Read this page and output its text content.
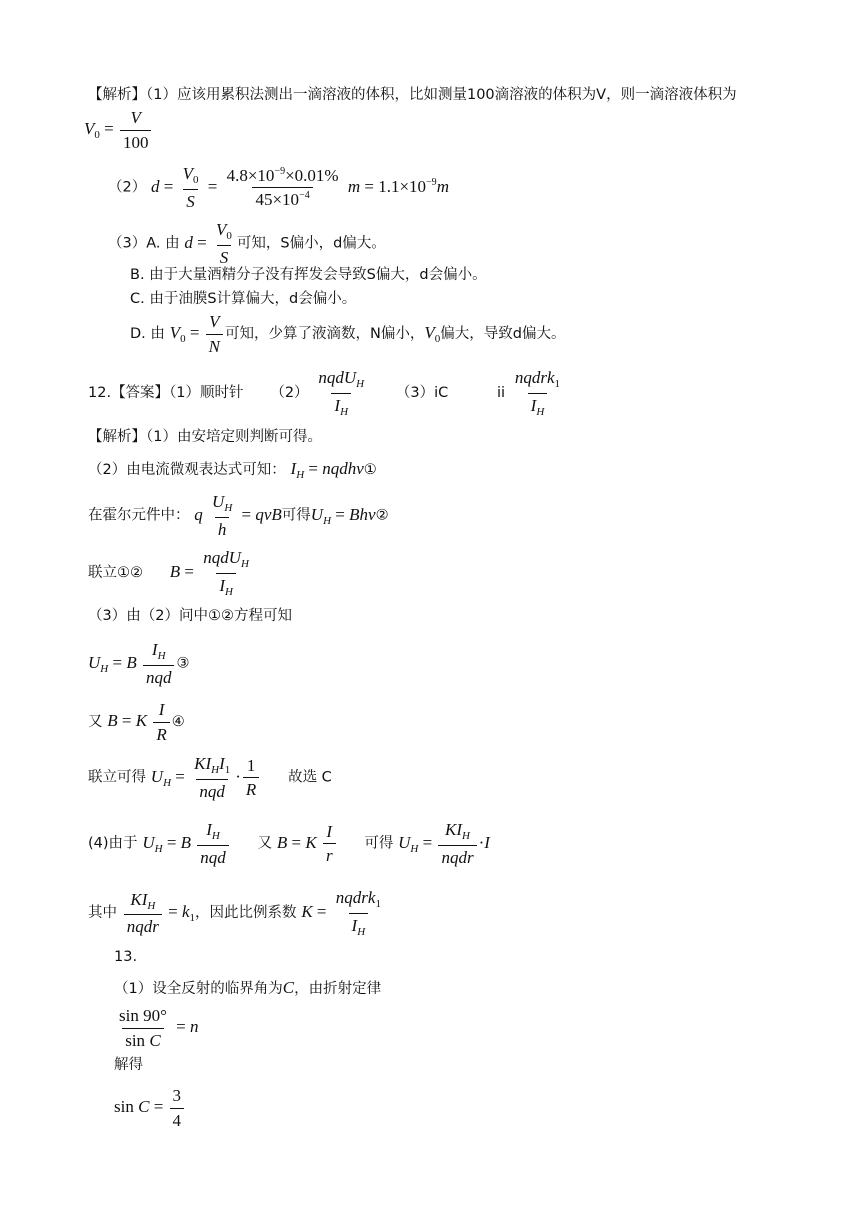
【解析】（1）应该用累积法测出一滴溶液的体积，比如测量100滴溶液的体积为V，则一滴溶液体积为
$V_0 = \frac{V}{100}$
（2） $d = \frac{V_0}{S} = \frac{4.8\times 10^{-9}\times 0.01\%}{45\times 10^{-4}}$ $m = 1.1\times 10^{-9}m$
（3）A. 由 $d = \frac{V_0}{S}$ 可知，S偏小，d偏大。
B. 由于大量酒精分子没有挥发会导致S偏大，d会偏小。
C. 由于油膜S计算偏大，d会偏小。
D. 由 $V_0 = \frac{V}{N}$ 可知，少算了液滴数，N偏小，$V_0$偏大，导致d偏大。
12.【答案】（1）顺时针 $(2) \frac{nqdU_H}{I_H} (3)iC$	ii $\frac{nqdrk_1}{I_H}$
【解析】（1）由安培定则判断可得。
（2）由电流微观表达式可知： $I_H$ = nqdhv①
在霍尔元件中： q $\frac{U_H}{h}$ = qvB可得$U_H$ = Bhv②
联立①② $B = \frac{nqdU_H}{I_H}$
（3）由（2）问中①②方程可知
$U_H = B \frac{I_H}{\text{nqd}}$ ③
又 B = K $\frac{I}{R}$ ④
联立可得 $U_H = \frac{KI_HI_1}{\text{nqd}} \cdot \frac{1}{R}$ 故选 C
(4)由于 $U_H = B \frac{I_H}{\text{nqd}}$ 又 B = K $\frac{I}{r}$ 可得 $U_H = \frac{KI_H}{\text{nqdr}} \cdot I$
其中 $\frac{KI_H}{\text{nqdr}} = k_1$，因此比例系数 $K = \frac{nqdrk_1}{I_H}$
13.
（1）设全反射的临界角为C，由折射定律
$\frac{\sin 90^\circ}{\text{sin C}} = n$
解得
$\sin C = \frac{3}{4}$
